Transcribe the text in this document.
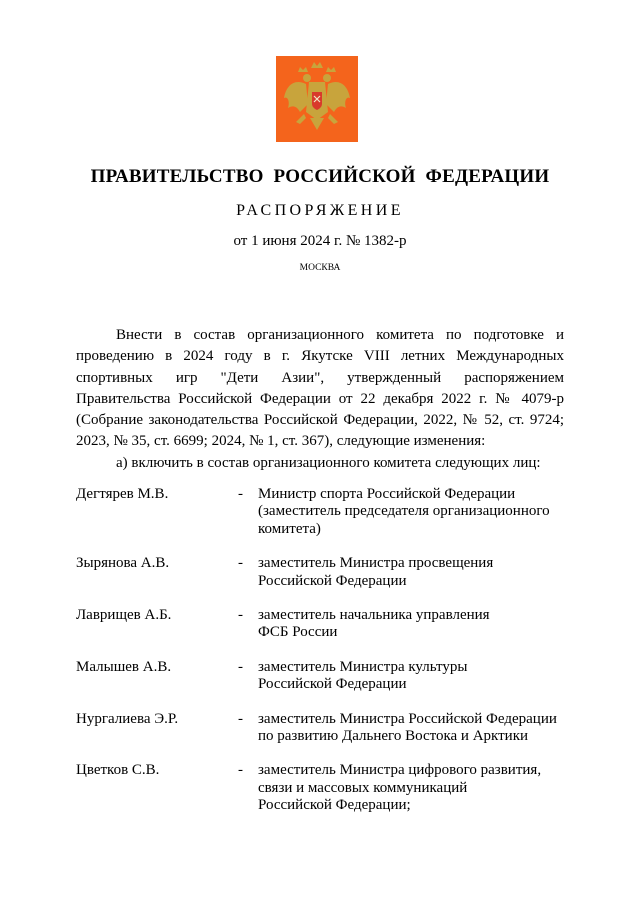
ПРАВИТЕЛЬСТВО РОССИЙСКОЙ ФЕДЕРАЦИИ
РАСПОРЯЖЕНИЕ
от 1 июня 2024 г. № 1382-р
МОСКВА

Внести в состав организационного комитета по подготовке и проведению в 2024 году в г. Якутске VIII летних Международных спортивных игр "Дети Азии", утвержденный распоряжением Правительства Российской Федерации от 22 декабря 2022 г. № 4079-р (Собрание законодательства Российской Федерации, 2022, № 52, ст. 9724; 2023, № 35, ст. 6699; 2024, № 1, ст. 367), следующие изменения:

а) включить в состав организационного комитета следующих лиц:
Дегтярев М.В.	-	Министр спорта Российской Федерации
(заместитель председателя организационного
комитета)
Зырянова А.В.	-	заместитель Министра просвещения
Российской Федерации
Лаврищев А.Б.	-	заместитель начальника управления
ФСБ России
Малышев А.В.	-	заместитель Министра культуры
Российской Федерации
Нургалиева Э.Р.	-	заместитель Министра Российской Федерации
по развитию Дальнего Востока и Арктики
Цветков С.В.	-	заместитель Министра цифрового развития,
связи и массовых коммуникаций
Российской Федерации;
